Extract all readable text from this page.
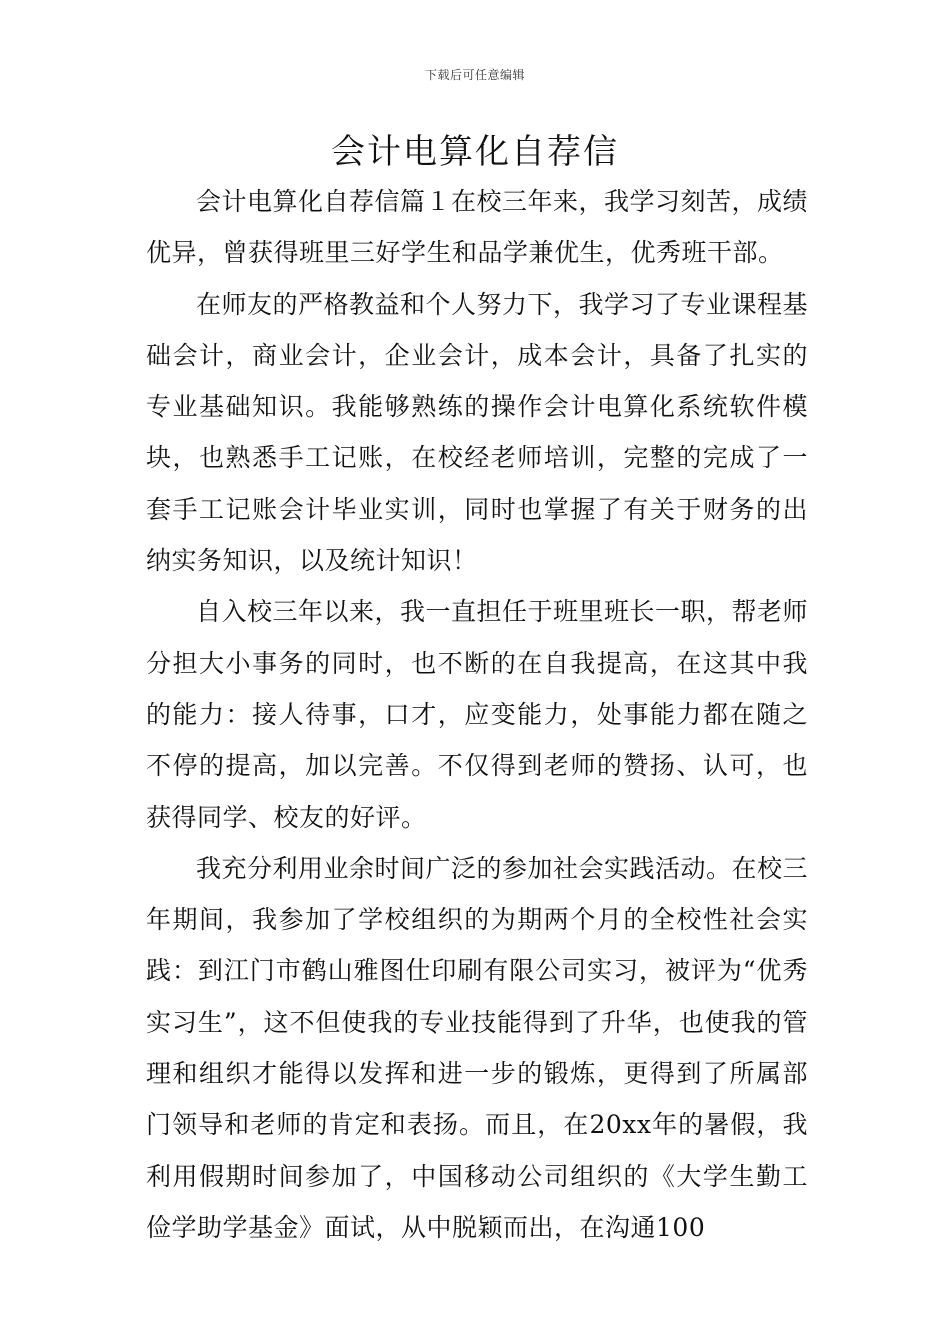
下载后可任意编辑
会计电算化自荐信

会计电算化自荐信篇１在校三年来，我学习刻苦，成绩优异，曾获得班里三好学生和品学兼优生，优秀班干部。

在师友的严格教益和个人努力下，我学习了专业课程基础会计，商业会计，企业会计，成本会计，具备了扎实的专业基础知识。我能够熟练的操作会计电算化系统软件模块，也熟悉手工记账，在校经老师培训，完整的完成了一套手工记账会计毕业实训，同时也掌握了有关于财务的出纳实务知识，以及统计知识！

自入校三年以来，我一直担任于班里班长一职，帮老师分担大小事务的同时，也不断的在自我提高，在这其中我的能力：接人待事，口才，应变能力，处事能力都在随之不停的提高，加以完善。不仅得到老师的赞扬、认可，也获得同学、校友的好评。

我充分利用业余时间广泛的参加社会实践活动。在校三年期间，我参加了学校组织的为期两个月的全校性社会实践：到江门市鹤山雅图仕印刷有限公司实习，被评为“优秀实习生”，这不但使我的专业技能得到了升华，也使我的管理和组织才能得以发挥和进一步的锻炼，更得到了所属部门领导和老师的肯定和表扬。而且，在20xx年的暑假，我利用假期时间参加了，中国移动公司组织的《大学生勤工俭学助学基金》面试，从中脱颖而出，在沟通100
